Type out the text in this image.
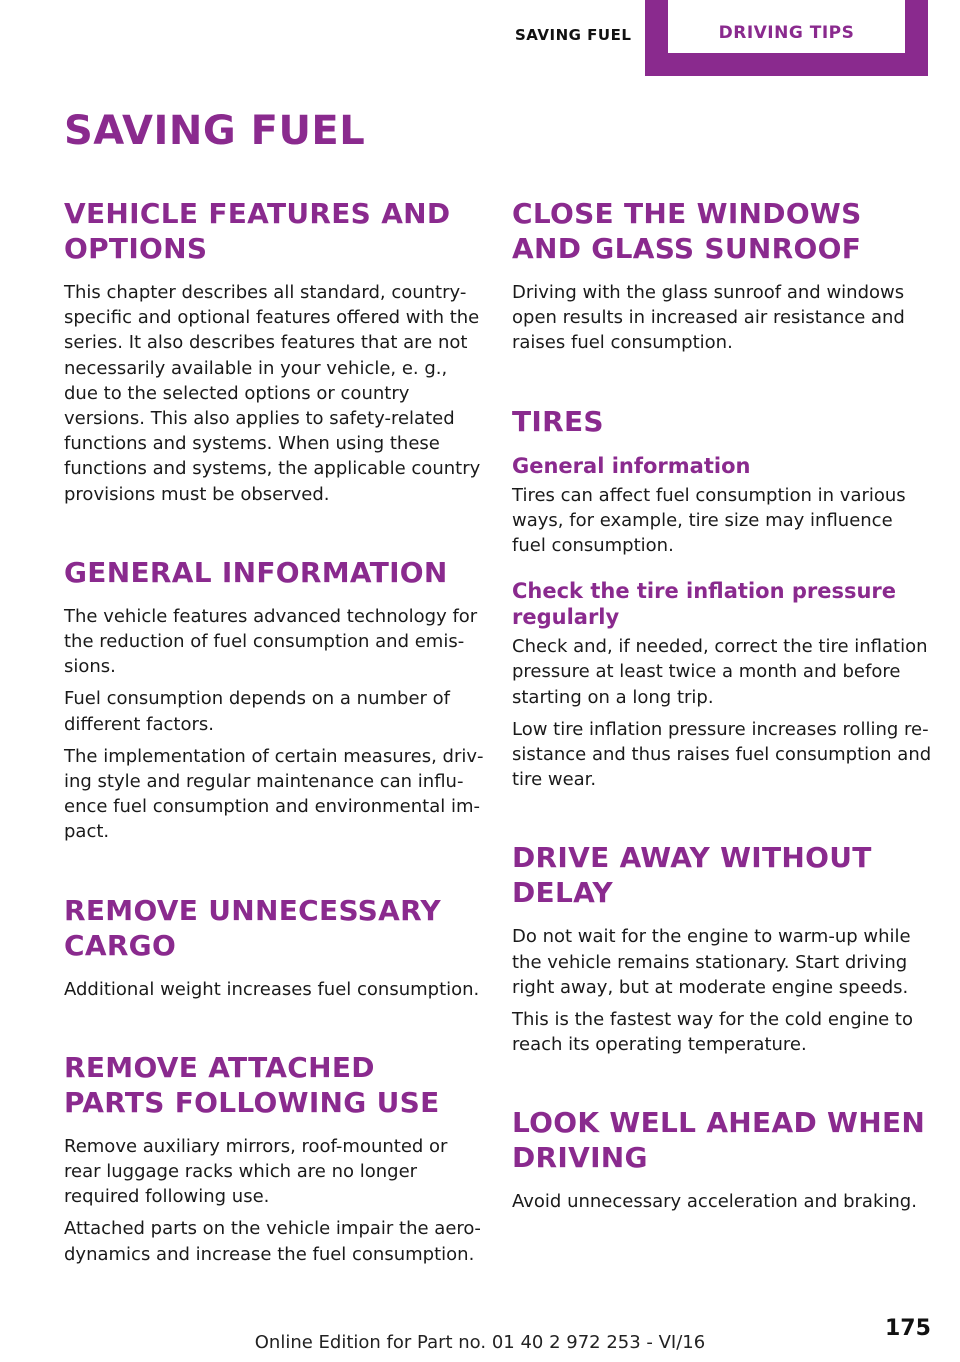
SAVING FUEL	DRIVING TIPS
SAVING FUEL
VEHICLE FEATURES AND OPTIONS

This chapter describes all standard, country-specific and optional features offered with the series. It also describes features that are not necessarily available in your vehicle, e. g., due to the selected options or country versions. This also applies to safety-related functions and systems. When using these functions and systems, the applicable country provisions must be observed.

GENERAL INFORMATION

The vehicle features advanced technology for the reduction of fuel consumption and emissions.

Fuel consumption depends on a number of different factors.

The implementation of certain measures, driving style and regular maintenance can influence fuel consumption and environmental impact.

REMOVE UNNECESSARY CARGO

Additional weight increases fuel consumption.

REMOVE ATTACHED PARTS FOLLOWING USE

Remove auxiliary mirrors, roof-mounted or rear luggage racks which are no longer required following use.

Attached parts on the vehicle impair the aerodynamics and increase the fuel consumption.

CLOSE THE WINDOWS AND GLASS SUNROOF

Driving with the glass sunroof and windows open results in increased air resistance and raises fuel consumption.

TIRES
General information

Tires can affect fuel consumption in various ways, for example, tire size may influence fuel consumption.

Check the tire inflation pressure regularly

Check and, if needed, correct the tire inflation pressure at least twice a month and before starting on a long trip.

Low tire inflation pressure increases rolling resistance and thus raises fuel consumption and tire wear.

DRIVE AWAY WITHOUT DELAY

Do not wait for the engine to warm-up while the vehicle remains stationary. Start driving right away, but at moderate engine speeds.

This is the fastest way for the cold engine to reach its operating temperature.

LOOK WELL AHEAD WHEN DRIVING

Avoid unnecessary acceleration and braking.

175
Online Edition for Part no. 01 40 2 972 253 - VI/16
